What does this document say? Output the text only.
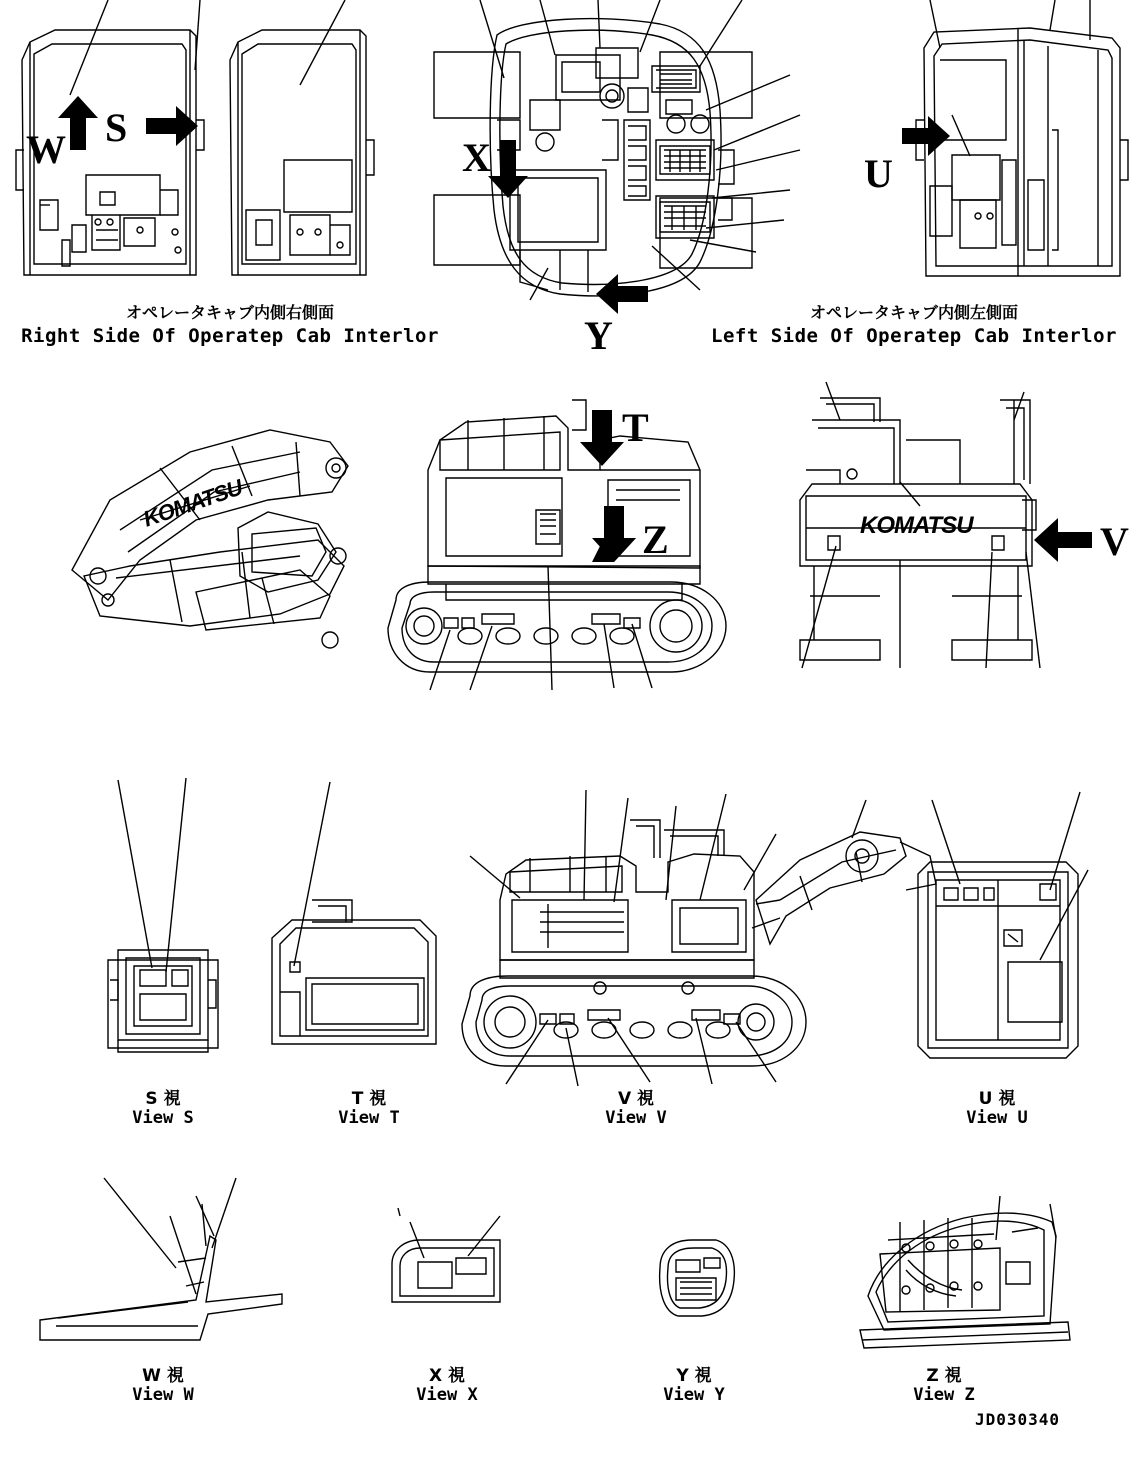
W S
X
Y
U
T
Z	V
KOMATSU	KOMATSU
オペレータキャブ内側右側面
Right Side Of Operatep Cab Interlor
オペレータキャブ内側左側面
Left Side Of Operatep Cab Interlor
S 視
View S
T 視
View T
V 視
View V
U 視
View U
W 視
View W
X 視
View X
Y 視
View Y
Z 視
View Z
JD030340
